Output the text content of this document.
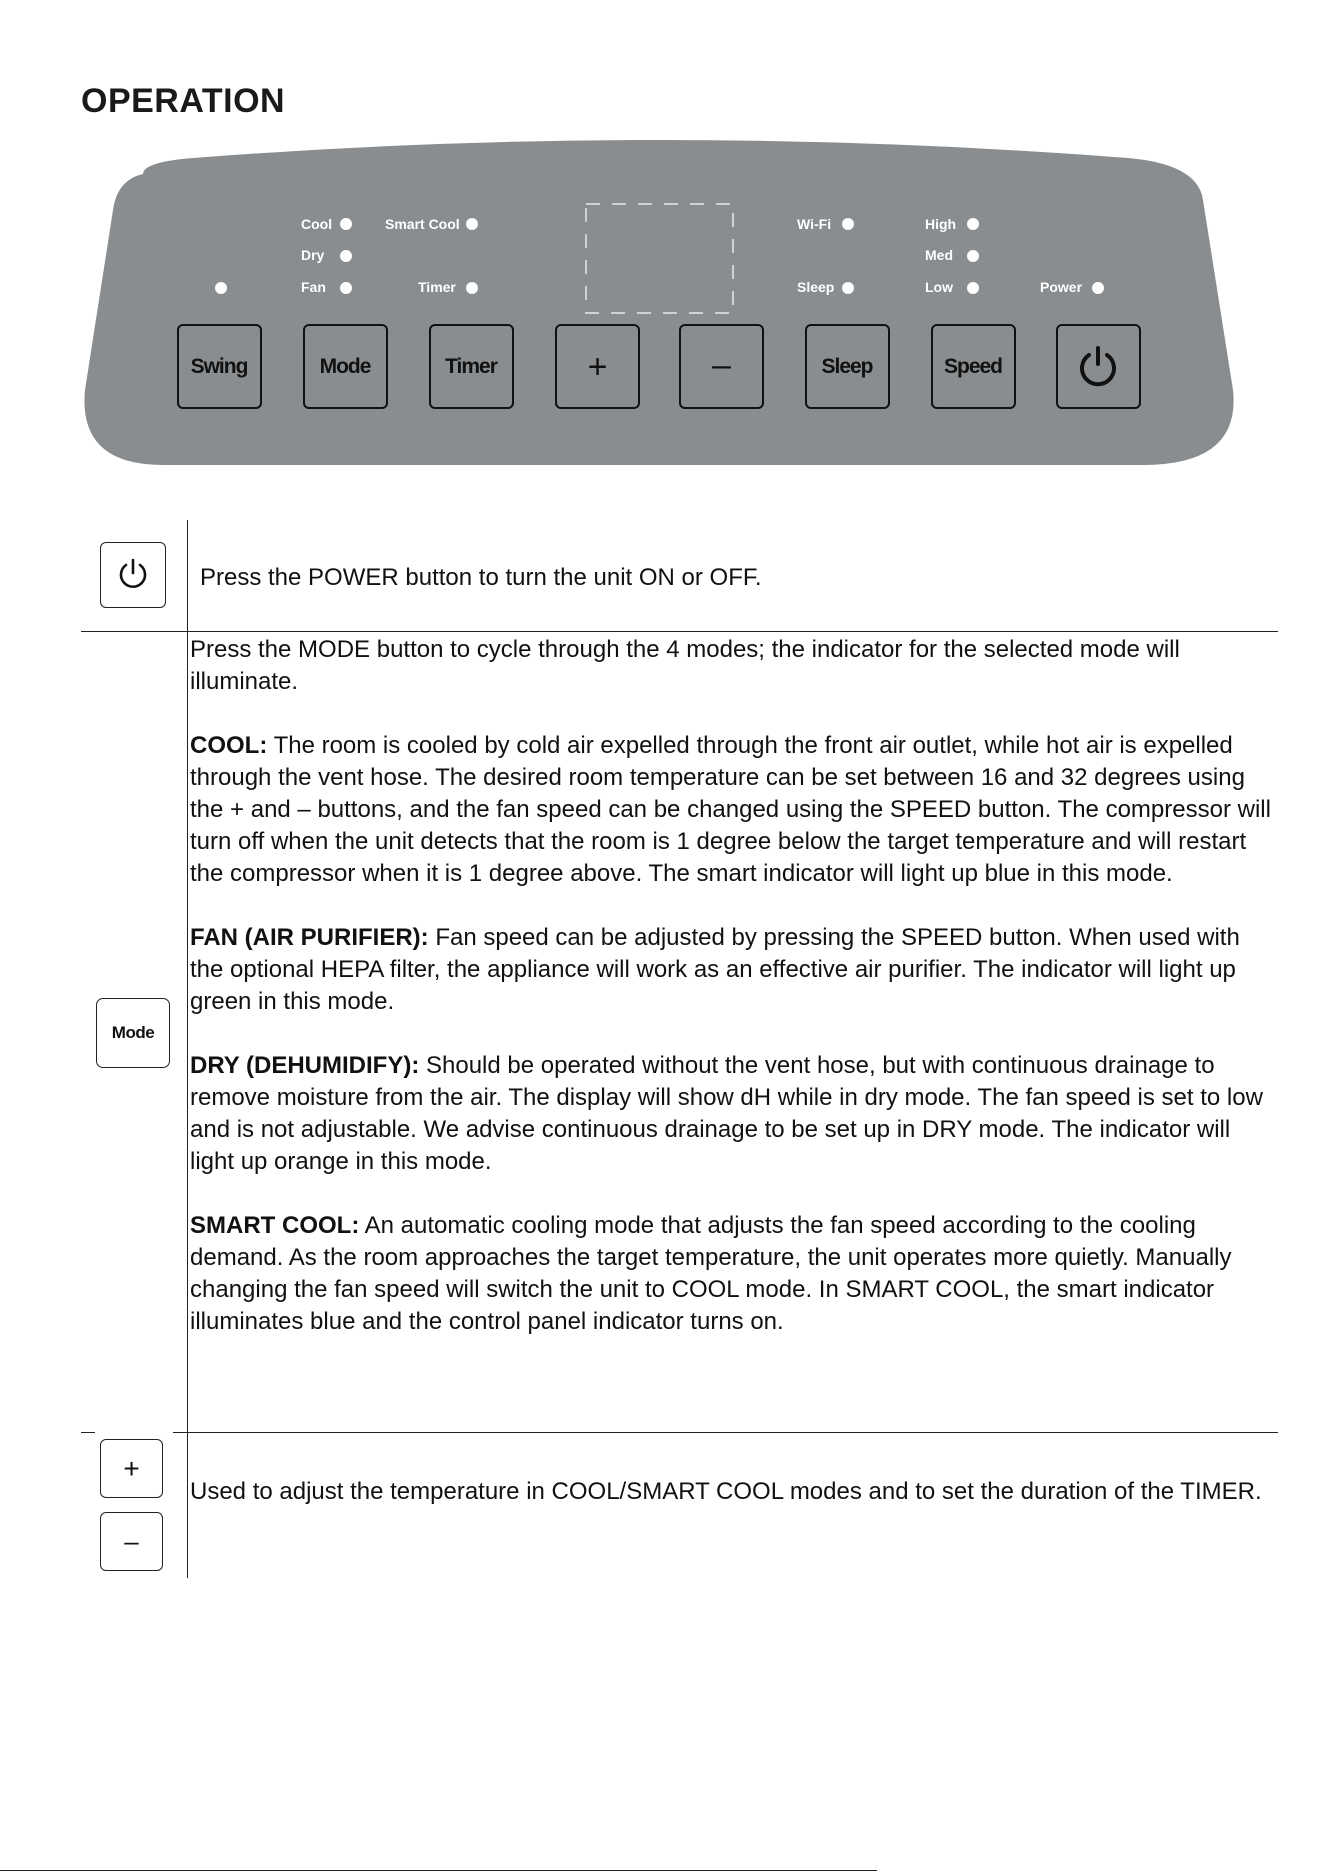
OPERATION
Cool
Dry
Fan
Smart Cool
Timer
Wi-Fi
Sleep
High
Med
Low	Power
Swing	Mode	Timer	+	–	Sleep	Speed
Press the POWER button to turn the unit ON or OFF.
Mode

Press the MODE button to cycle through the 4 modes; the indicator for the selected mode will illuminate.

COOL: The room is cooled by cold air expelled through the front air outlet, while hot air is expelled through the vent hose. The desired room temperature can be set between 16 and 32 degrees using the + and – buttons, and the fan speed can be changed using the SPEED button. The compressor will turn off when the unit detects that the room is 1 degree below the target temperature and will restart the compressor when it is 1 degree above. The smart indicator will light up blue in this mode.

FAN (AIR PURIFIER): Fan speed can be adjusted by pressing the SPEED button. When used with the optional HEPA filter, the appliance will work as an effective air purifier. The indicator will light up green in this mode.

DRY (DEHUMIDIFY): Should be operated without the vent hose, but with continuous drainage to remove moisture from the air. The display will show dH while in dry mode. The fan speed is set to low and is not adjustable. We advise continuous drainage to be set up in DRY mode. The indicator will light up orange in this mode.

SMART COOL: An automatic cooling mode that adjusts the fan speed according to the cooling demand. As the room approaches the target temperature, the unit operates more quietly. Manually changing the fan speed will switch the unit to COOL mode. In SMART COOL, the smart indicator illuminates blue and the control panel indicator turns on.

+
–
Used to adjust the temperature in COOL/SMART COOL modes and to set the duration of the TIMER.
